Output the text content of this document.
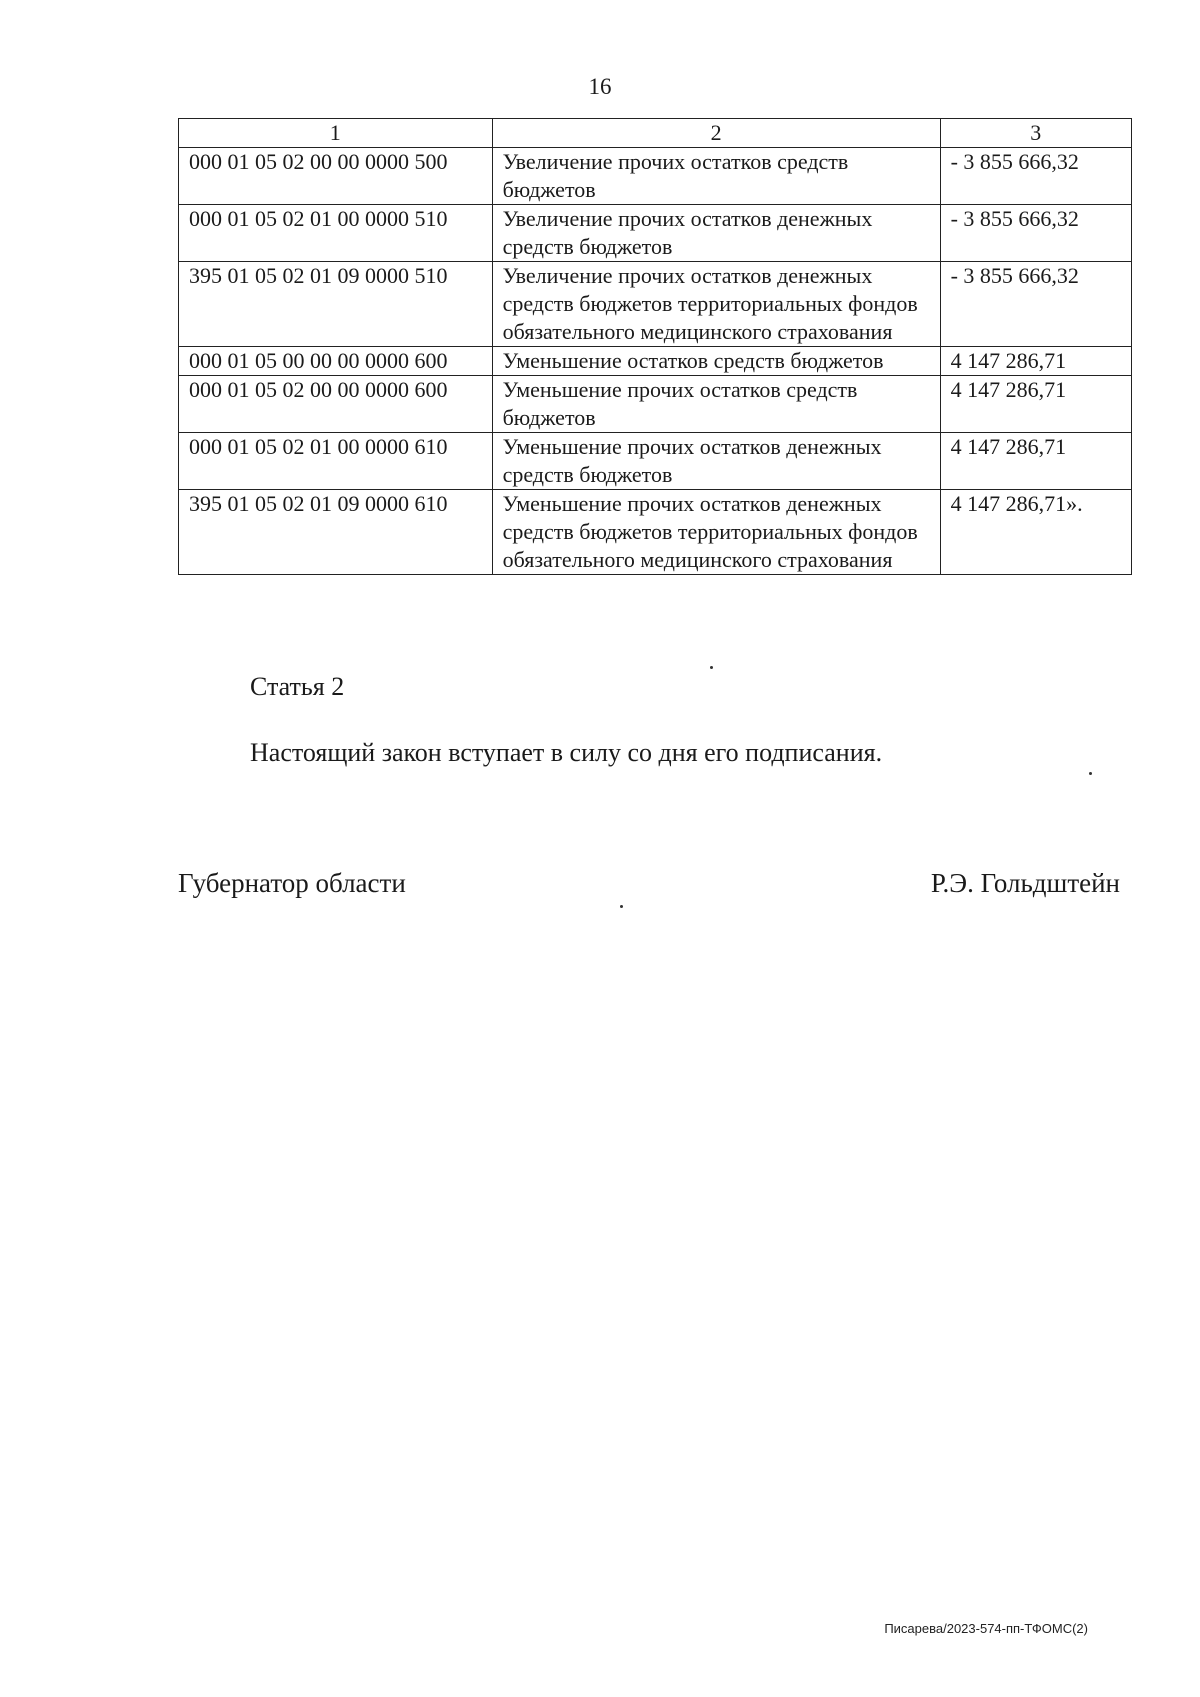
16
1	2	3
000 01 05 02 00 00 0000 500	Увеличение прочих остатков средств бюджетов	- 3 855 666,32
000 01 05 02 01 00 0000 510	Увеличение прочих остатков денежных средств бюджетов	- 3 855 666,32
395 01 05 02 01 09 0000 510	Увеличение прочих остатков денежных средств бюджетов территориальных фондов обязательного медицинского страхования	- 3 855 666,32
000 01 05 00 00 00 0000 600	Уменьшение остатков средств бюджетов	4 147 286,71
000 01 05 02 00 00 0000 600	Уменьшение прочих остатков средств бюджетов	4 147 286,71
000 01 05 02 01 00 0000 610	Уменьшение прочих остатков денежных средств бюджетов	4 147 286,71
395 01 05 02 01 09 0000 610	Уменьшение прочих остатков денежных средств бюджетов территориальных фондов обязательного медицинского страхования	4 147 286,71».
Статья 2
Настоящий закон вступает в силу со дня его подписания.
Губернатор области	Р.Э. Гольдштейн
Писарева/2023-574-пп-ТФОМС(2)
